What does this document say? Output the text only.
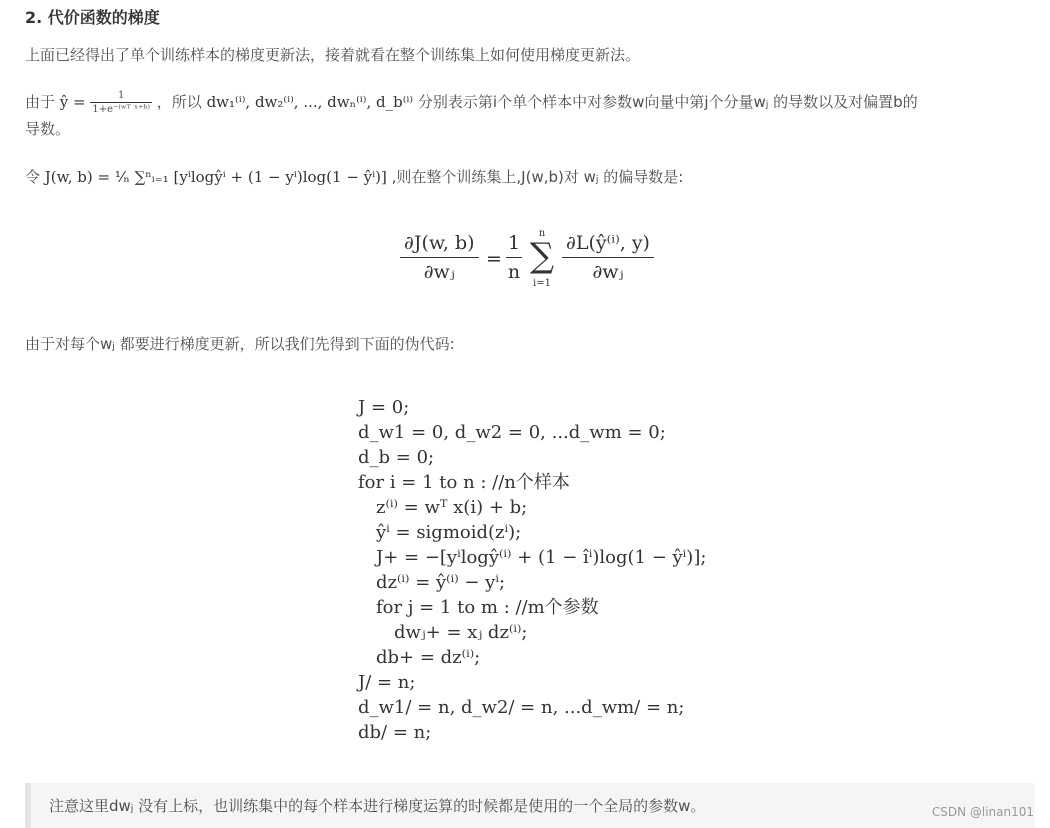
2. 代价函数的梯度

上面已经得出了单个训练样本的梯度更新法，接着就看在整个训练集上如何使用梯度更新法。

由于 ŷ = $\frac{1}{\text{1+e⁻⁽ʷᵀ ˣ⁺ᵇ⁾}}$ ，所以 dw₁⁽ⁱ⁾, dw₂⁽ⁱ⁾, ..., dwₙ⁽ⁱ⁾, d_b⁽ⁱ⁾ 分别表示第i个单个样本中对参数w向量中第j个分量wⱼ 的导数以及对偏置b的
导数。
令 J(w, b) = ¹⁄ₙ ∑ⁿᵢ₌₁ [yⁱlogŷⁱ + (1 − yⁱ)log(1 − ŷⁱ)] ,则在整个训练集上,J(w,b)对 wⱼ 的偏导数是:
$\frac{\partial J(w, b)}{\text{∂wⱼ}} = \frac{1}{n}$	n
∑
i=1
$\frac{\text{∂L(ŷ⁽ⁱ⁾, y)}}{\text{∂wⱼ}}$

由于对每个wⱼ 都要进行梯度更新，所以我们先得到下面的伪代码:

J = 0;
d_w1 = 0, d_w2 = 0, ...d_wm = 0;
d_b = 0;
for i = 1 to n : //n个样本
z⁽ⁱ⁾ = wᵀ x(i) + b;
ŷⁱ = sigmoid(zⁱ);
J+ = −[yⁱlogŷ⁽ⁱ⁾ + (1 − îⁱ)log(1 − ŷⁱ)];
dz⁽ⁱ⁾ = ŷ⁽ⁱ⁾ − yⁱ;
for j = 1 to m : //m个参数
dwⱼ+ = xⱼ dz⁽ⁱ⁾;
db+ = dz⁽ⁱ⁾;
J/ = n;
d_w1/ = n, d_w2/ = n, ...d_wm/ = n;
db/ = n;

注意这里dwⱼ 没有上标，也训练集中的每个样本进行梯度运算的时候都是使用的一个全局的参数w。	CSDN @linan101
